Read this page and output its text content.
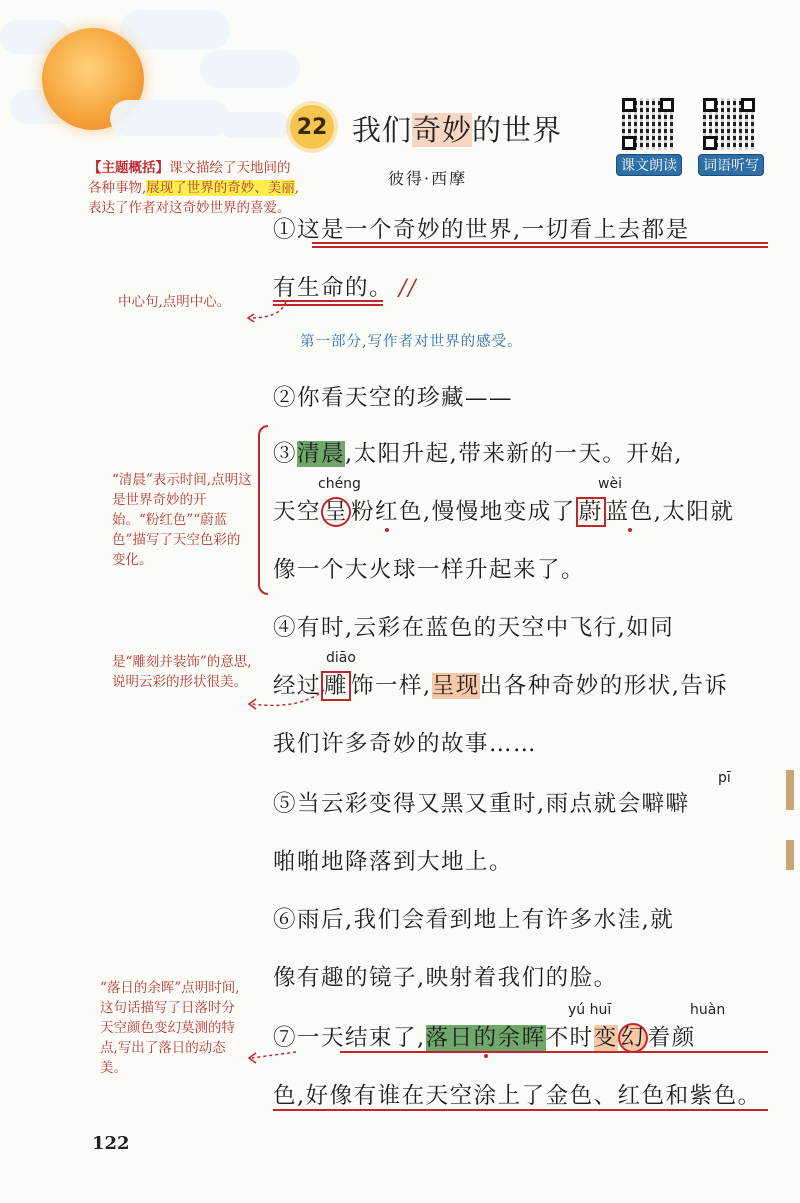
22 我们奇妙的世界
彼得·西摩
课文朗读	词语听写
【主题概括】课文描绘了天地间的各种事物,展现了世界的奇妙、美丽,表达了作者对这奇妙世界的喜爱。
①这是一个奇妙的世界,一切看上去都是
有生命的。 //
中心句,点明中心。
第一部分,写作者对世界的感受。
②你看天空的珍藏——
“清晨”表示时间,点明这是世界奇妙的开始。“粉红色”“蔚蓝色”描写了天空色彩的变化。
③清晨,太阳升起,带来新的一天。开始,
chéng	wèi
天空 呈 粉红色,慢慢地变成了 蔚 蓝色,太阳就
像一个大火球一样升起来了。
④有时,云彩在蓝色的天空中飞行,如同
diāo
经过 雕 饰一样,呈现出各种奇妙的形状,告诉
我们许多奇妙的故事……
是“雕刻并装饰”的意思,说明云彩的形状很美。
pī
⑤当云彩变得又黑又重时,雨点就会噼噼
啪啪地降落到大地上。
⑥雨后,我们会看到地上有许多水洼,就
像有趣的镜子,映射着我们的脸。
yú huī	huàn
⑦一天结束了,落日的余晖不时变 幻 着颜
色,好像有谁在天空涂上了金色、红色和紫色。
“落日的余晖”点明时间,这句话描写了日落时分天空颜色变幻莫测的特点,写出了落日的动态美。
122
